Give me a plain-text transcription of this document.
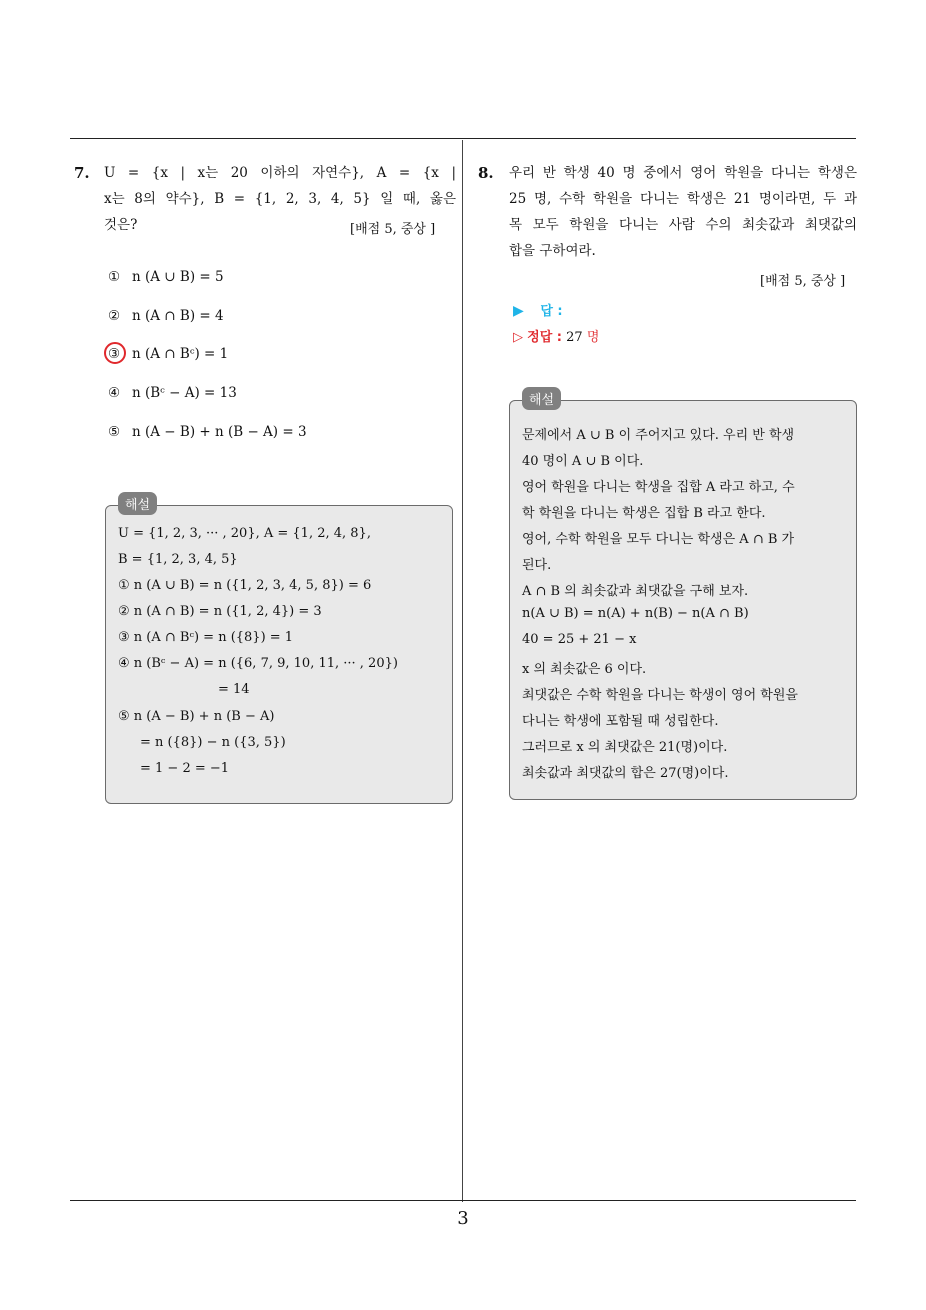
7. U = {x | x는 20 이하의 자연수}, A = {x |
x는 8의 약수}, B = {1, 2, 3, 4, 5} 일 때, 옳은
것은?	[배점 5, 중상 ]
① n (A ∪ B) = 5
② n (A ∩ B) = 4
③ n (A ∩ Bᶜ) = 1
④ n (Bᶜ − A) = 13
⑤ n (A − B) + n (B − A) = 3
해설
U = {1, 2, 3, ··· , 20}, A = {1, 2, 4, 8},
B = {1, 2, 3, 4, 5}
① n (A ∪ B) = n ({1, 2, 3, 4, 5, 8}) = 6
② n (A ∩ B) = n ({1, 2, 4}) = 3
③ n (A ∩ Bᶜ) = n ({8}) = 1
④ n (Bᶜ − A) = n ({6, 7, 9, 10, 11, ··· , 20})
= 14
⑤ n (A − B) + n (B − A)
= n ({8}) − n ({3, 5})
= 1 − 2 = −1
8. 우리 반 학생 40 명 중에서 영어 학원을 다니는 학생은
25 명, 수학 학원을 다니는 학생은 21 명이라면, 두 과
목 모두 학원을 다니는 사람 수의 최솟값과 최댓값의
합을 구하여라.
[배점 5, 중상 ]
▶ 답 :
▷ 정답 : 27 명
해설
문제에서 A ∪ B 이 주어지고 있다. 우리 반 학생
40 명이 A ∪ B 이다.
영어 학원을 다니는 학생을 집합 A 라고 하고, 수
학 학원을 다니는 학생은 집합 B 라고 한다.
영어, 수학 학원을 모두 다니는 학생은 A ∩ B 가
된다.
A ∩ B 의 최솟값과 최댓값을 구해 보자.
n(A ∪ B) = n(A) + n(B) − n(A ∩ B)
40 = 25 + 21 − x
x 의 최솟값은 6 이다.
최댓값은 수학 학원을 다니는 학생이 영어 학원을
다니는 학생에 포함될 때 성립한다.
그러므로 x 의 최댓값은 21(명)이다.
최솟값과 최댓값의 합은 27(명)이다.
3
